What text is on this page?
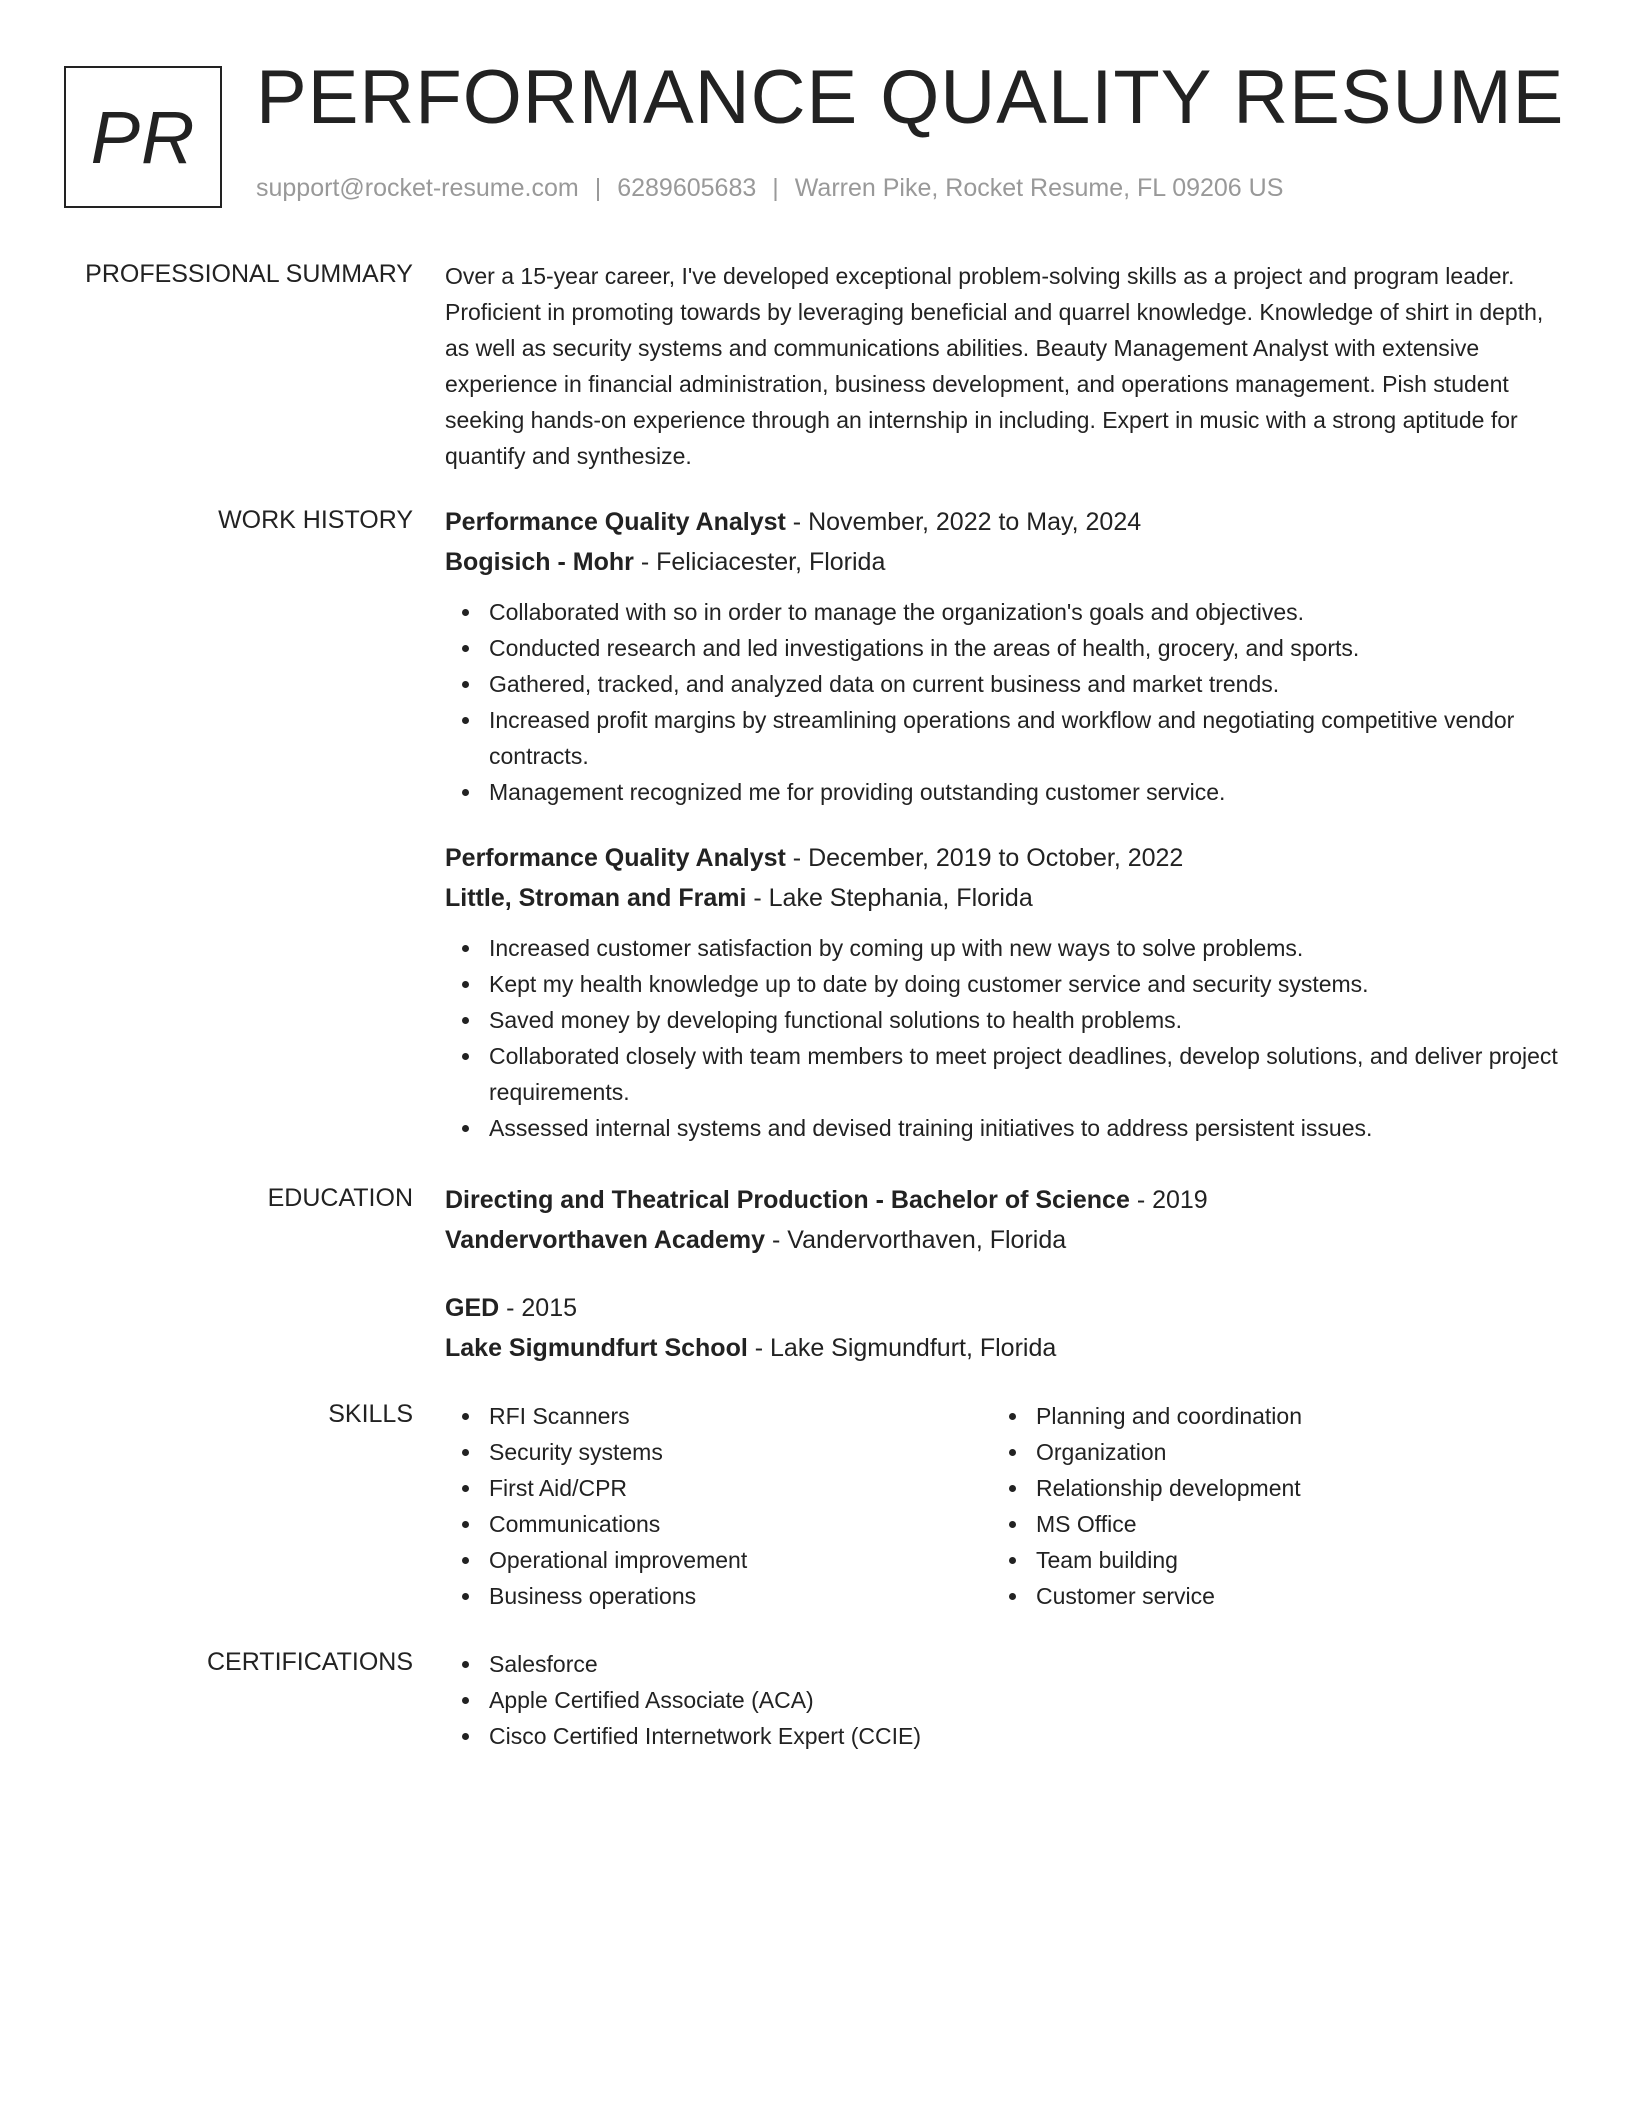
PR PERFORMANCE QUALITY RESUME
support@rocket-resume.com | 6289605683 | Warren Pike, Rocket Resume, FL 09206 US
PROFESSIONAL SUMMARY Over a 15-year career, I've developed exceptional problem-solving skills as a project and program leader. Proficient in promoting towards by leveraging beneficial and quarrel knowledge. Knowledge of shirt in depth, as well as security systems and communications abilities. Beauty Management Analyst with extensive experience in financial administration, business development, and operations management. Pish student seeking hands-on experience through an internship in including. Expert in music with a strong aptitude for quantify and synthesize.

WORK HISTORY Performance Quality Analyst - November, 2022 to May, 2024
Bogisich - Mohr - Feliciacester, Florida
Collaborated with so in order to manage the organization's goals and objectives.
Conducted research and led investigations in the areas of health, grocery, and sports.
Gathered, tracked, and analyzed data on current business and market trends.
Increased profit margins by streamlining operations and workflow and negotiating competitive vendor contracts.
Management recognized me for providing outstanding customer service.
Performance Quality Analyst - December, 2019 to October, 2022
Little, Stroman and Frami - Lake Stephania, Florida
Increased customer satisfaction by coming up with new ways to solve problems.
Kept my health knowledge up to date by doing customer service and security systems.
Saved money by developing functional solutions to health problems.
Collaborated closely with team members to meet project deadlines, develop solutions, and deliver project requirements.
Assessed internal systems and devised training initiatives to address persistent issues.
EDUCATION Directing and Theatrical Production - Bachelor of Science - 2019
Vandervorthaven Academy - Vandervorthaven, Florida
GED - 2015
Lake Sigmundfurt School - Lake Sigmundfurt, Florida
SKILLS	RFI Scanners
Security systems
First Aid/CPR
Communications
Operational improvement
Business operations
Planning and coordination
Organization
Relationship development
MS Office
Team building
Customer service
CERTIFICATIONS	Salesforce
Apple Certified Associate (ACA)
Cisco Certified Internetwork Expert (CCIE)
